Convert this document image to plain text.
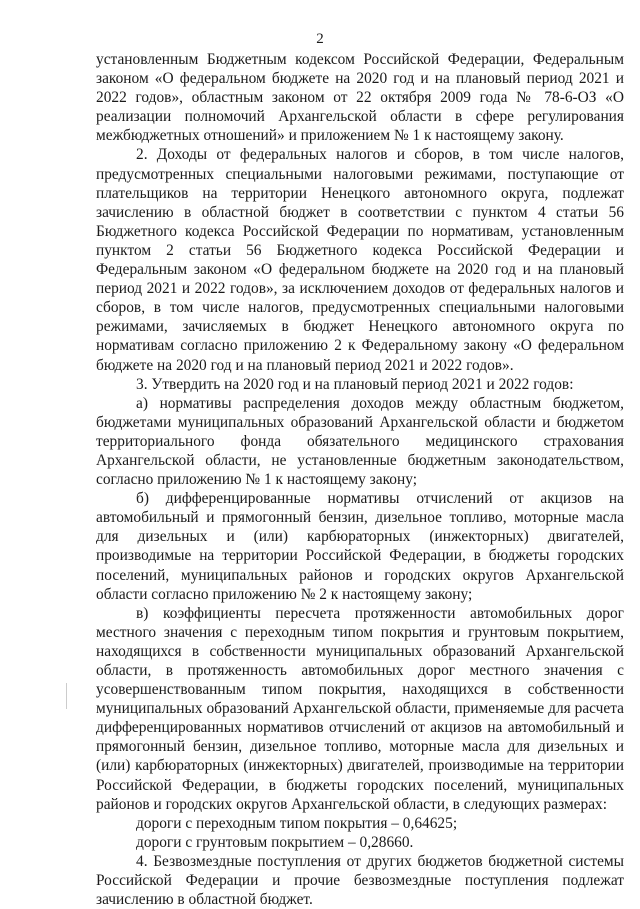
2

установленным Бюджетным кодексом Российской Федерации, Федеральным законом «О федеральном бюджете на 2020 год и на плановый период 2021 и 2022 годов», областным законом от 22 октября 2009 года № 78-6-ОЗ «О реализации полномочий Архангельской области в сфере регулирования межбюджетных отношений» и приложением № 1 к настоящему закону.

2. Доходы от федеральных налогов и сборов, в том числе налогов, предусмотренных специальными налоговыми режимами, поступающие от плательщиков на территории Ненецкого автономного округа, подлежат зачислению в областной бюджет в соответствии с пунктом 4 статьи 56 Бюджетного кодекса Российской Федерации по нормативам, установленным пунктом 2 статьи 56 Бюджетного кодекса Российской Федерации и Федеральным законом «О федеральном бюджете на 2020 год и на плановый период 2021 и 2022 годов», за исключением доходов от федеральных налогов и сборов, в том числе налогов, предусмотренных специальными налоговыми режимами, зачисляемых в бюджет Ненецкого автономного округа по нормативам согласно приложению 2 к Федеральному закону «О федеральном бюджете на 2020 год и на плановый период 2021 и 2022 годов».

3. Утвердить на 2020 год и на плановый период 2021 и 2022 годов:

а) нормативы распределения доходов между областным бюджетом, бюджетами муниципальных образований Архангельской области и бюджетом территориального фонда обязательного медицинского страхования Архангельской области, не установленные бюджетным законодательством, согласно приложению № 1 к настоящему закону;

б) дифференцированные нормативы отчислений от акцизов на автомобильный и прямогонный бензин, дизельное топливо, моторные масла для дизельных и (или) карбюраторных (инжекторных) двигателей, производимые на территории Российской Федерации, в бюджеты городских поселений, муниципальных районов и городских округов Архангельской области согласно приложению № 2 к настоящему закону;

в) коэффициенты пересчета протяженности автомобильных дорог местного значения с переходным типом покрытия и грунтовым покрытием, находящихся в собственности муниципальных образований Архангельской области, в протяженность автомобильных дорог местного значения с усовершенствованным типом покрытия, находящихся в собственности муниципальных образований Архангельской области, применяемые для расчета дифференцированных нормативов отчислений от акцизов на автомобильный и прямогонный бензин, дизельное топливо, моторные масла для дизельных и (или) карбюраторных (инжекторных) двигателей, производимые на территории Российской Федерации, в бюджеты городских поселений, муниципальных районов и городских округов Архангельской области, в следующих размерах:

дороги с переходным типом покрытия – 0,64625;

дороги с грунтовым покрытием – 0,28660.

4. Безвозмездные поступления от других бюджетов бюджетной системы Российской Федерации и прочие безвозмездные поступления подлежат зачислению в областной бюджет.
